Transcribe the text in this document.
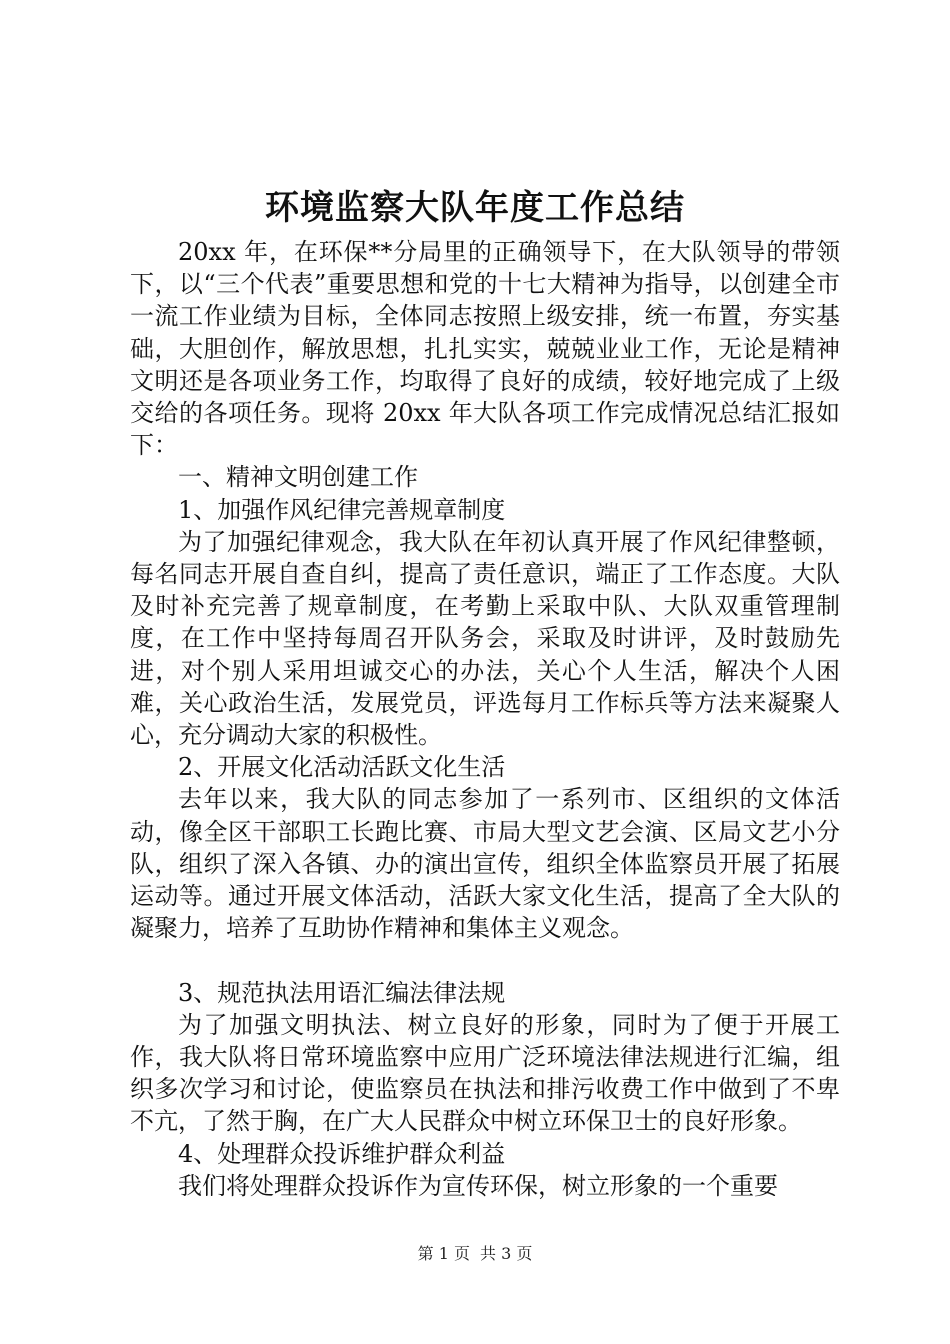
环境监察大队年度工作总结

20xx 年，在环保**分局里的正确领导下，在大队领导的带领下，以“三个代表”重要思想和党的十七大精神为指导，以创建全市一流工作业绩为目标，全体同志按照上级安排，统一布置，夯实基础，大胆创作，解放思想，扎扎实实，兢兢业业工作，无论是精神文明还是各项业务工作，均取得了良好的成绩，较好地完成了上级交给的各项任务。现将 20xx 年大队各项工作完成情况总结汇报如下：

一、精神文明创建工作

1、加强作风纪律完善规章制度

为了加强纪律观念，我大队在年初认真开展了作风纪律整顿，每名同志开展自查自纠，提高了责任意识，端正了工作态度。大队及时补充完善了规章制度，在考勤上采取中队、大队双重管理制度，在工作中坚持每周召开队务会，采取及时讲评，及时鼓励先进，对个别人采用坦诚交心的办法，关心个人生活，解决个人困难，关心政治生活，发展党员，评选每月工作标兵等方法来凝聚人心，充分调动大家的积极性。

2、开展文化活动活跃文化生活

去年以来，我大队的同志参加了一系列市、区组织的文体活动，像全区干部职工长跑比赛、市局大型文艺会演、区局文艺小分队，组织了深入各镇、办的演出宣传，组织全体监察员开展了拓展运动等。通过开展文体活动，活跃大家文化生活，提高了全大队的凝聚力，培养了互助协作精神和集体主义观念。

3、规范执法用语汇编法律法规

为了加强文明执法、树立良好的形象，同时为了便于开展工作，我大队将日常环境监察中应用广泛环境法律法规进行汇编，组织多次学习和讨论，使监察员在执法和排污收费工作中做到了不卑不亢，了然于胸，在广大人民群众中树立环保卫士的良好形象。

4、处理群众投诉维护群众利益

我们将处理群众投诉作为宣传环保，树立形象的一个重要

第 1 页 共 3 页
